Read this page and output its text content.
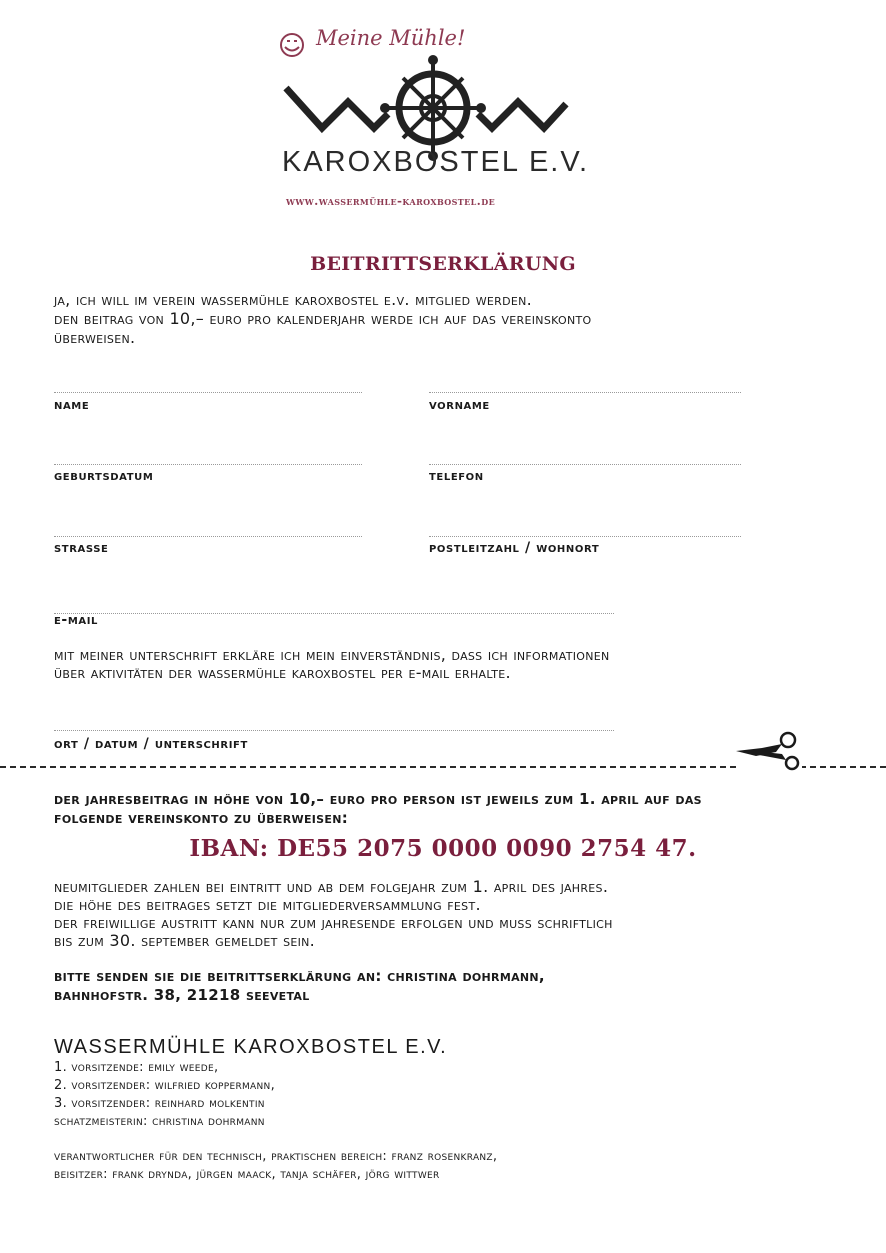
Meine Mühle!
KAROXBOSTEL E.V.
www.wassermühle-karoxbostel.de
beitrittserklärung
ja, ich will im verein wassermühle karoxbostel e.v. mitglied werden.
den beitrag von 10,– euro pro kalenderjahr werde ich auf das vereinskonto
überweisen.
name	vorname
geburtsdatum	telefon
strasse	postleitzahl / wohnort
e-mail
mit meiner unterschrift erkläre ich mein einverständnis, dass ich informationen
über aktivitäten der wassermühle karoxbostel per e-mail erhalte.
ort / datum / unterschrift
der jahresbeitrag in höhe von 10,– euro pro person ist jeweils zum 1. april auf das
folgende vereinskonto zu überweisen:
IBAN: DE55 2075 0000 0090 2754 47.
neumitglieder zahlen bei eintritt und ab dem folgejahr zum 1. april des jahres.
die höhe des beitrages setzt die mitgliederversammlung fest.
der freiwillige austritt kann nur zum jahresende erfolgen und muss schriftlich
bis zum 30. september gemeldet sein.
bitte senden sie die beitrittserklärung an: christina dohrmann,
bahnhofstr. 38, 21218 seevetal
WASSERMÜHLE KAROXBOSTEL E.V.
1. vorsitzende: emily weede,
2. vorsitzender: wilfried koppermann,
3. vorsitzender: reinhard molkentin
schatzmeisterin: christina dohrmann
verantwortlicher für den technisch, praktischen bereich: franz rosenkranz,
beisitzer: frank drynda, jürgen maack, tanja schäfer, jörg wittwer
